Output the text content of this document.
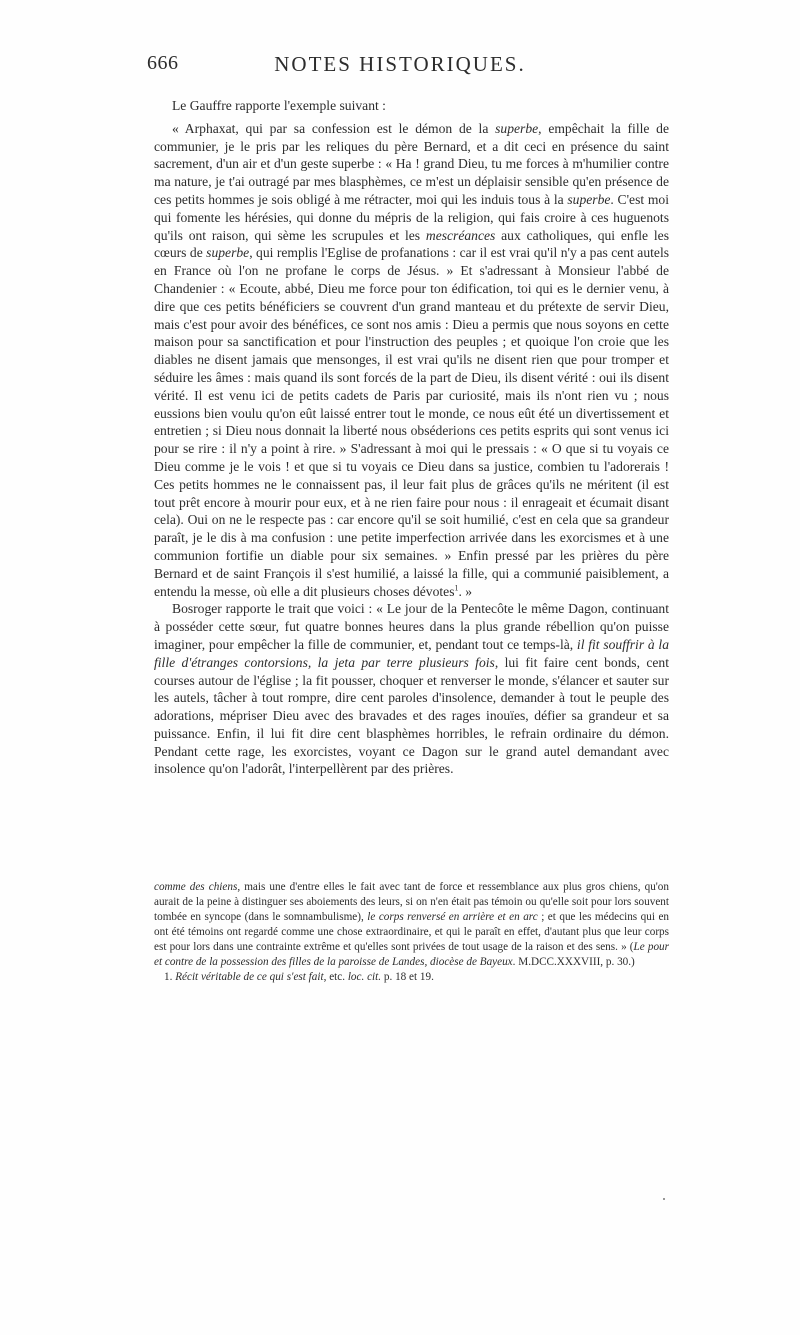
666	NOTES HISTORIQUES.

Le Gauffre rapporte l'exemple suivant :

« Arphaxat, qui par sa confession est le démon de la superbe, empêchait la fille de communier, je le pris par les reliques du père Bernard, et a dit ceci en présence du saint sacrement, d'un air et d'un geste superbe : « Ha ! grand Dieu, tu me forces à m'humilier contre ma nature, je t'ai outragé par mes blasphèmes, ce m'est un déplaisir sensible qu'en présence de ces petits hommes je sois obligé à me rétracter, moi qui les induis tous à la superbe. C'est moi qui fomente les hérésies, qui donne du mépris de la religion, qui fais croire à ces huguenots qu'ils ont raison, qui sème les scrupules et les mescréances aux catholiques, qui enfle les cœurs de superbe, qui remplis l'Eglise de profanations : car il est vrai qu'il n'y a pas cent autels en France où l'on ne profane le corps de Jésus. » Et s'adressant à Monsieur l'abbé de Chandenier : « Ecoute, abbé, Dieu me force pour ton édification, toi qui es le dernier venu, à dire que ces petits bénéficiers se couvrent d'un grand manteau et du prétexte de servir Dieu, mais c'est pour avoir des bénéfices, ce sont nos amis : Dieu a permis que nous soyons en cette maison pour sa sanctification et pour l'instruction des peuples ; et quoique l'on croie que les diables ne disent jamais que mensonges, il est vrai qu'ils ne disent rien que pour tromper et séduire les âmes : mais quand ils sont forcés de la part de Dieu, ils disent vérité : oui ils disent vérité. Il est venu ici de petits cadets de Paris par curiosité, mais ils n'ont rien vu ; nous eussions bien voulu qu'on eût laissé entrer tout le monde, ce nous eût été un divertissement et entretien ; si Dieu nous donnait la liberté nous obséderions ces petits esprits qui sont venus ici pour se rire : il n'y a point à rire. » S'adressant à moi qui le pressais : « O que si tu voyais ce Dieu comme je le vois ! et que si tu voyais ce Dieu dans sa justice, combien tu l'adorerais ! Ces petits hommes ne le connaissent pas, il leur fait plus de grâces qu'ils ne méritent (il est tout prêt encore à mourir pour eux, et à ne rien faire pour nous : il enrageait et écumait disant cela). Oui on ne le respecte pas : car encore qu'il se soit humilié, c'est en cela que sa grandeur paraît, je le dis à ma confusion : une petite imperfection arrivée dans les exorcismes et à une communion fortifie un diable pour six semaines. » Enfin pressé par les prières du père Bernard et de saint François il s'est humilié, a laissé la fille, qui a communié paisiblement, a entendu la messe, où elle a dit plusieurs choses dévotes$^1$. »

Bosroger rapporte le trait que voici : « Le jour de la Pentecôte le même Dagon, continuant à posséder cette sœur, fut quatre bonnes heures dans la plus grande rébellion qu'on puisse imaginer, pour empêcher la fille de communier, et, pendant tout ce temps-là, il fit souffrir à la fille d'étranges contorsions, la jeta par terre plusieurs fois, lui fit faire cent bonds, cent courses autour de l'église ; la fit pousser, choquer et renverser le monde, s'élancer et sauter sur les autels, tâcher à tout rompre, dire cent paroles d'insolence, demander à tout le peuple des adorations, mépriser Dieu avec des bravades et des rages inouïes, défier sa grandeur et sa puissance. Enfin, il lui fit dire cent blasphèmes horribles, le refrain ordinaire du démon. Pendant cette rage, les exorcistes, voyant ce Dagon sur le grand autel demandant avec insolence qu'on l'adorât, l'interpellèrent par des prières.

comme des chiens, mais une d'entre elles le fait avec tant de force et ressemblance aux plus gros chiens, qu'on aurait de la peine à distinguer ses aboiements des leurs, si on n'en était pas témoin ou qu'elle soit pour lors souvent tombée en syncope (dans le somnambulisme), le corps renversé en arrière et en arc ; et que les médecins qui en ont été témoins ont regardé comme une chose extraordinaire, et qui le paraît en effet, d'autant plus que leur corps est pour lors dans une contrainte extrême et qu'elles sont privées de tout usage de la raison et des sens. » (Le pour et contre de la possession des filles de la paroisse de Landes, diocèse de Bayeux. M.DCC.XXXVIII, p. 30.)

1. Récit véritable de ce qui s'est fait, etc. loc. cit. p. 18 et 19.
